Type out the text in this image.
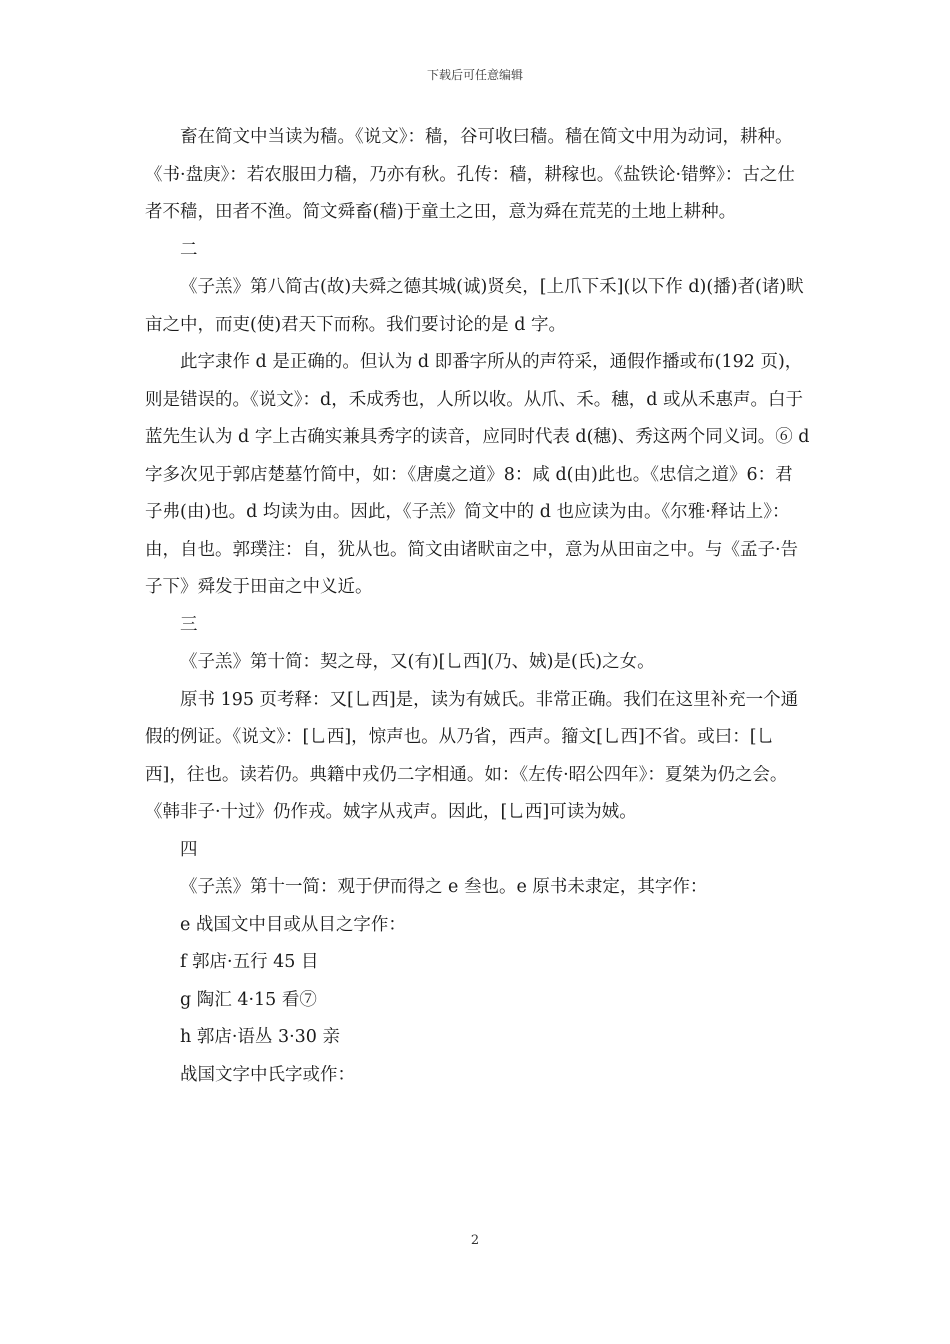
下载后可任意编辑

畜在简文中当读为穑。《说文》：穑，谷可收曰穑。穑在简文中用为动词，耕种。《书·盘庚》：若农服田力穑，乃亦有秋。孔传：穑，耕稼也。《盐铁论·错弊》：古之仕者不穑，田者不渔。简文舜畜(穑)于童土之田，意为舜在荒芜的土地上耕种。

二

《子羔》第八简古(故)夫舜之德其城(诚)贤矣，[上爪下禾](以下作 d)(播)者(诸)畎亩之中，而吏(使)君天下而称。我们要讨论的是 d 字。

此字隶作 d 是正确的。但认为 d 即番字所从的声符采，通假作播或布(192 页)，则是错误的。《说文》：d，禾成秀也，人所以收。从爪、禾。穗，d 或从禾惠声。白于蓝先生认为 d 字上古确实兼具秀字的读音，应同时代表 d(穗)、秀这两个同义词。⑥ d 字多次见于郭店楚墓竹简中，如：《唐虞之道》8：咸 d(由)此也。《忠信之道》6：君子弗(由)也。d 均读为由。因此，《子羔》简文中的 d 也应读为由。《尔雅·释诂上》：由，自也。郭璞注：自，犹从也。简文由诸畎亩之中，意为从田亩之中。与《孟子·告子下》舜发于田亩之中义近。

三

《子羔》第十简：契之母，又(有)[乚西](乃、娀)是(氏)之女。

原书 195 页考释：又[乚西]是，读为有娀氏。非常正确。我们在这里补充一个通假的例证。《说文》：[乚西]，惊声也。从乃省，西声。籀文[乚西]不省。或曰：[乚西]，往也。读若仍。典籍中戎仍二字相通。如：《左传·昭公四年》：夏桀为仍之会。《韩非子·十过》仍作戎。娀字从戎声。因此，[乚西]可读为娀。

四

《子羔》第十一简：观于伊而得之 e 叁也。e 原书未隶定，其字作：

e 战国文中目或从目之字作：

f 郭店·五行 45 目

g 陶汇 4·15 看⑦

h 郭店·语丛 3·30 亲

战国文字中氏字或作：

2
